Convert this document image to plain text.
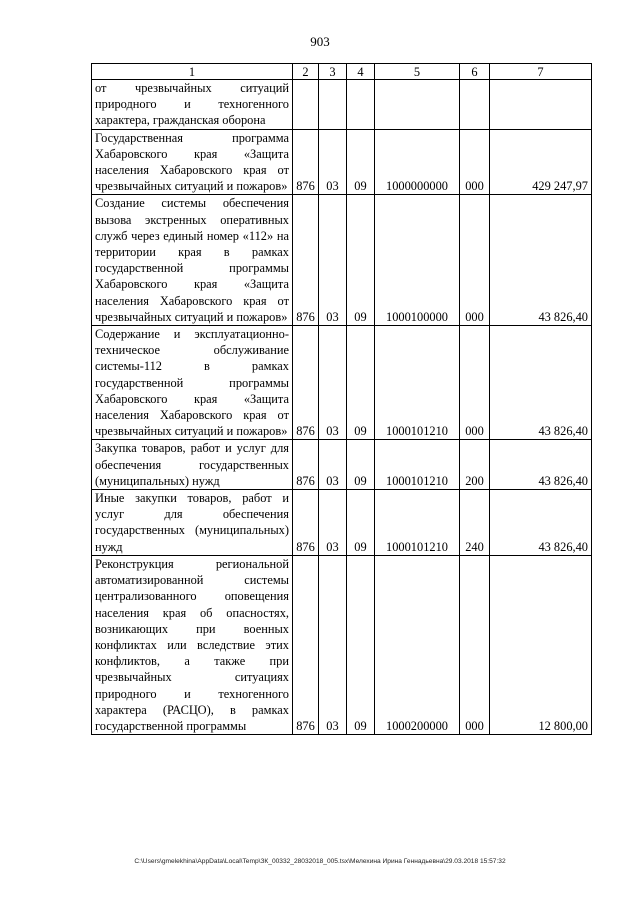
903
1	2	3	4	5	6	7
от чрезвычайных ситуаций природного и техногенного характера, гражданская оборона						
Государственная программа Хабаровского края «Защита населения Хабаровского края от чрезвычайных ситуаций и пожаров»	876	03	09	1000000000	000	429 247,97
Создание системы обеспечения вызова экстренных оперативных служб через единый номер «112» на территории края в рамках государственной программы Хабаровского края «Защита населения Хабаровского края от чрезвычайных ситуаций и пожаров»	876	03	09	1000100000	000	43 826,40
Содержание и эксплуатационно-техническое обслуживание системы-112 в рамках государственной программы Хабаровского края «Защита населения Хабаровского края от чрезвычайных ситуаций и пожаров»	876	03	09	1000101210	000	43 826,40
Закупка товаров, работ и услуг для обеспечения государственных (муниципальных) нужд	876	03	09	1000101210	200	43 826,40
Иные закупки товаров, работ и услуг для обеспечения государственных (муниципальных) нужд	876	03	09	1000101210	240	43 826,40
Реконструкция региональной автоматизированной системы централизованного оповещения населения края об опасностях, возникающих при военных конфликтах или вследствие этих конфликтов, а также при чрезвычайных ситуациях природного и техногенного характера (РАСЦО), в рамках государственной программы	876	03	09	1000200000	000	12 800,00
C:\Users\gmelekhina\AppData\Local\Temp\ЗК_00332_28032018_005.tsx\Мелехина Ирина Геннадьевна\29.03.2018 15:57:32
